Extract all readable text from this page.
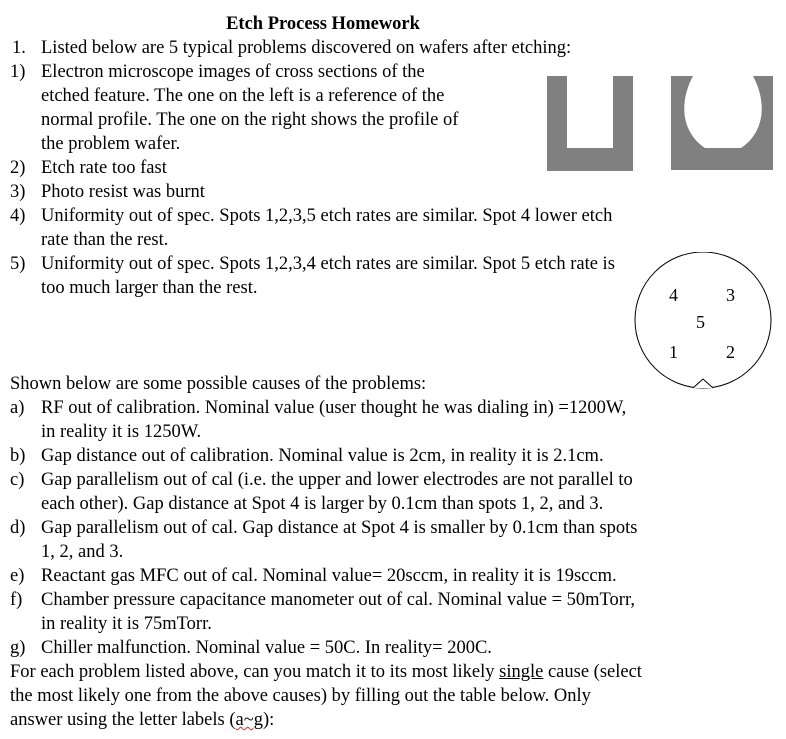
Etch Process Homework
1. Listed below are 5 typical problems discovered on wafers after etching:
1) Electron microscope images of cross sections of the
etched feature. The one on the left is a reference of the
normal profile. The one on the right shows the profile of
the problem wafer.
2) Etch rate too fast
3) Photo resist was burnt
4) Uniformity out of spec. Spots 1,2,3,5 etch rates are similar. Spot 4 lower etch
rate than the rest.
5) Uniformity out of spec. Spots 1,2,3,4 etch rates are similar. Spot 5 etch rate is
too much larger than the rest.	4	3
5
1	2
Shown below are some possible causes of the problems:
a) RF out of calibration. Nominal value (user thought he was dialing in) =1200W,
in reality it is 1250W.
b) Gap distance out of calibration. Nominal value is 2cm, in reality it is 2.1cm.
c) Gap parallelism out of cal (i.e. the upper and lower electrodes are not parallel to
each other). Gap distance at Spot 4 is larger by 0.1cm than spots 1, 2, and 3.
d) Gap parallelism out of cal. Gap distance at Spot 4 is smaller by 0.1cm than spots
1, 2, and 3.
e) Reactant gas MFC out of cal. Nominal value= 20sccm, in reality it is 19sccm.
f) Chamber pressure capacitance manometer out of cal. Nominal value = 50mTorr,
in reality it is 75mTorr.
g) Chiller malfunction. Nominal value = 50C. In reality= 200C.
For each problem listed above, can you match it to its most likely single cause (select
the most likely one from the above causes) by filling out the table below. Only
answer using the letter labels (a~g):
